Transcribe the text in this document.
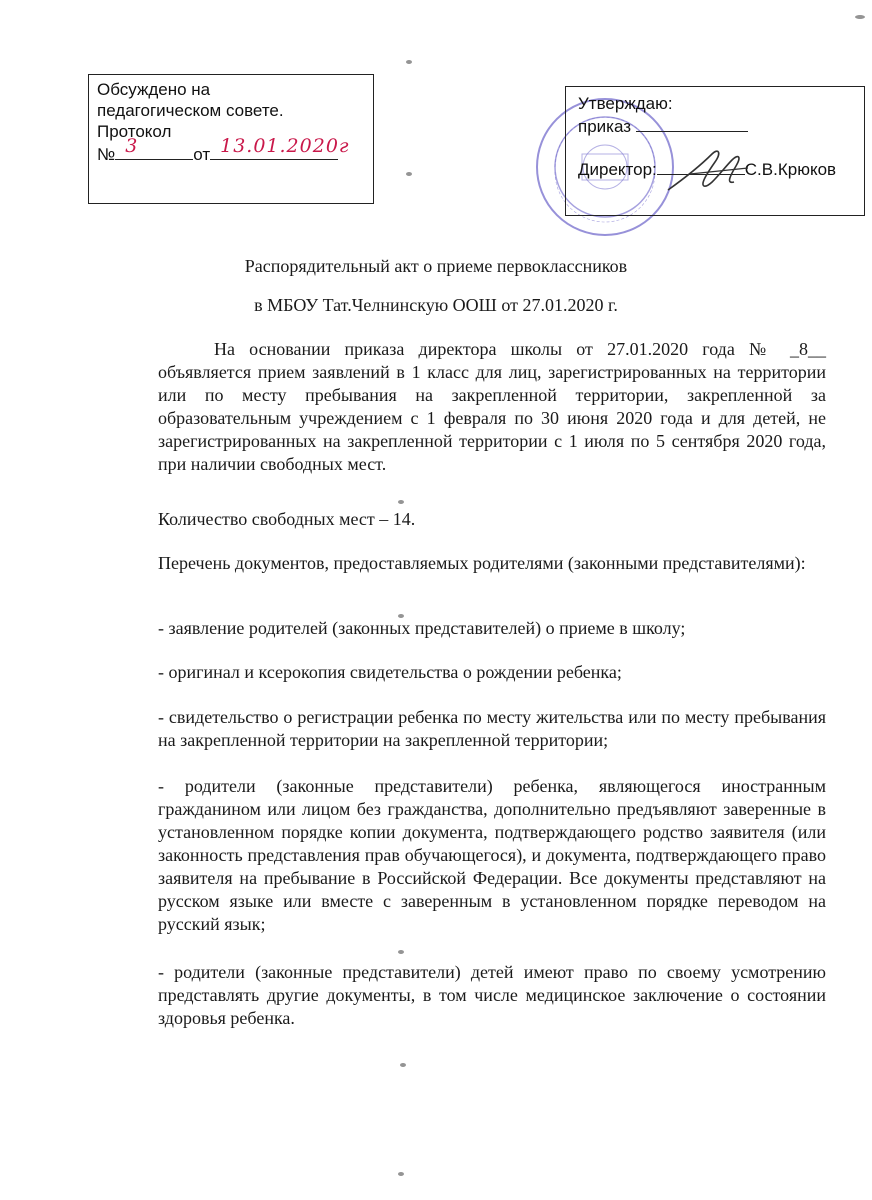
Обсуждено на
педагогическом совете.
Протокол
№ 3	от 13.01.2020г
Утверждаю:
приказ
Директор:	С.В.Крюков
Распорядительный акт о приеме первоклассников
в МБОУ Тат.Челнинскую ООШ от 27.01.2020 г.

На основании приказа директора школы от 27.01.2020 года № _8__ объявляется прием заявлений в 1 класс для лиц, зарегистрированных на территории или по месту пребывания на закрепленной территории, закрепленной за образовательным учреждением с 1 февраля по 30 июня 2020 года и для детей, не зарегистрированных на закрепленной территории с 1 июля по 5 сентября 2020 года, при наличии свободных мест.

Количество свободных мест – 14.

Перечень документов, предоставляемых родителями (законными представителями):

- заявление родителей (законных представителей) о приеме в школу;

- оригинал и ксерокопия свидетельства о рождении ребенка;

- свидетельство о регистрации ребенка по месту жительства или по месту пребывания на закрепленной территории на закрепленной территории;

- родители (законные представители) ребенка, являющегося иностранным гражданином или лицом без гражданства, дополнительно предъявляют заверенные в установленном порядке копии документа, подтверждающего родство заявителя (или законность представления прав обучающегося), и документа, подтверждающего право заявителя на пребывание в Российской Федерации. Все документы представляют на русском языке или вместе с заверенным в установленном порядке переводом на русский язык;

- родители (законные представители) детей имеют право по своему усмотрению представлять другие документы, в том числе медицинское заключение о состоянии здоровья ребенка.
